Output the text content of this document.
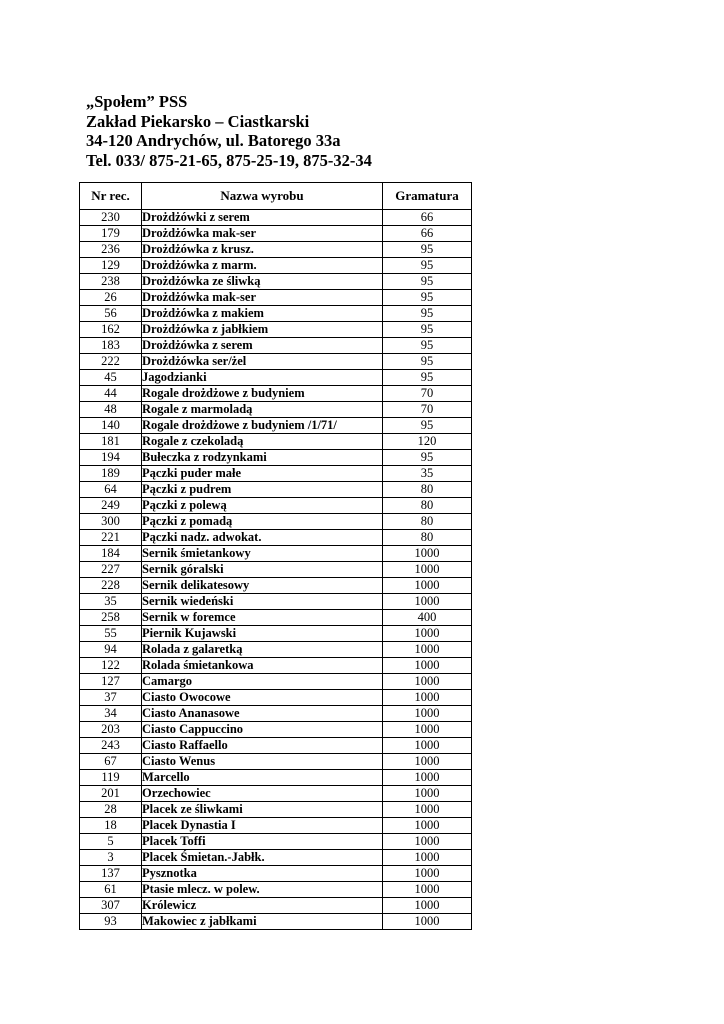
„Społem” PSS
Zakład Piekarsko – Ciastkarski
34-120 Andrychów, ul. Batorego 33a
Tel. 033/ 875-21-65, 875-25-19, 875-32-34
Nr rec.	Nazwa wyrobu	Gramatura
230	Drożdżówki z serem	66
179	Drożdżówka mak-ser	66
236	Drożdżówka z krusz.	95
129	Drożdżówka z marm.	95
238	Drożdżówka ze śliwką	95
26	Drożdżówka mak-ser	95
56	Drożdżówka z makiem	95
162	Drożdżówka z jabłkiem	95
183	Drożdżówka z serem	95
222	Drożdżówka ser/żel	95
45	Jagodzianki	95
44	Rogale drożdżowe z budyniem	70
48	Rogale z marmoladą	70
140	Rogale drożdżowe z budyniem /1/71/	95
181	Rogale z czekoladą	120
194	Bułeczka z rodzynkami	95
189	Pączki puder małe	35
64	Pączki z pudrem	80
249	Pączki z polewą	80
300	Pączki z pomadą	80
221	Pączki nadz. adwokat.	80
184	Sernik śmietankowy	1000
227	Sernik góralski	1000
228	Sernik delikatesowy	1000
35	Sernik wiedeński	1000
258	Sernik w foremce	400
55	Piernik Kujawski	1000
94	Rolada z galaretką	1000
122	Rolada śmietankowa	1000
127	Camargo	1000
37	Ciasto Owocowe	1000
34	Ciasto Ananasowe	1000
203	Ciasto Cappuccino	1000
243	Ciasto Raffaello	1000
67	Ciasto Wenus	1000
119	Marcello	1000
201	Orzechowiec	1000
28	Placek ze śliwkami	1000
18	Placek Dynastia I	1000
5	Placek Toffi	1000
3	Placek Śmietan.-Jabłk.	1000
137	Pysznotka	1000
61	Ptasie mlecz. w polew.	1000
307	Królewicz	1000
93	Makowiec z jabłkami	1000
